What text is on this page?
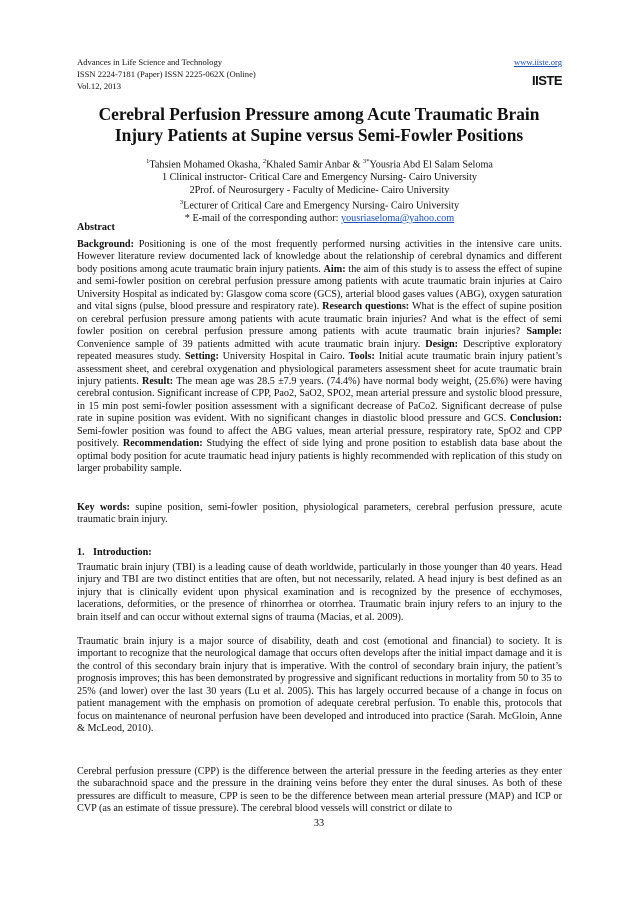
Advances in Life Science and Technology	www.iiste.org
ISSN 2224-7181 (Paper) ISSN 2225-062X (Online)
Vol.12, 2013	IISTE
Cerebral Perfusion Pressure among Acute Traumatic Brain
Injury Patients at Supine versus Semi-Fowler Positions
$^1$Tahsien Mohamed Okasha, $^2$Khaled Samir Anbar & $^{3*}$Yousria Abd El Salam Seloma
1 Clinical instructor- Critical Care and Emergency Nursing- Cairo University
2Prof. of Neurosurgery - Faculty of Medicine- Cairo University
$^3$Lecturer of Critical Care and Emergency Nursing- Cairo University
* E-mail of the corresponding author: yousriaseloma@yahoo.com
Abstract
Background: Positioning is one of the most frequently performed nursing activities in the intensive care units. However literature review documented lack of knowledge about the relationship of cerebral dynamics and different body positions among acute traumatic brain injury patients. Aim: the aim of this study is to assess the effect of supine and semi-fowler position on cerebral perfusion pressure among patients with acute traumatic brain injuries at Cairo University Hospital as indicated by: Glasgow coma score (GCS), arterial blood gases values (ABG), oxygen saturation and vital signs (pulse, blood pressure and respiratory rate). Research questions: What is the effect of supine position on cerebral perfusion pressure among patients with acute traumatic brain injuries? And what is the effect of semi fowler position on cerebral perfusion pressure among patients with acute traumatic brain injuries? Sample: Convenience sample of 39 patients admitted with acute traumatic brain injury. Design: Descriptive exploratory repeated measures study. Setting: University Hospital in Cairo. Tools: Initial acute traumatic brain injury patient’s assessment sheet, and cerebral oxygenation and physiological parameters assessment sheet for acute traumatic brain injury patients. Result: The mean age was 28.5 ±7.9 years. (74.4%) have normal body weight, (25.6%) were having cerebral contusion. Significant increase of CPP, Pao2, SaO2, SPO2, mean arterial pressure and systolic blood pressure, in 15 min post semi-fowler position assessment with a significant decrease of PaCo2. Significant decrease of pulse rate in supine position was evident. With no significant changes in diastolic blood pressure and GCS. Conclusion: Semi-fowler position was found to affect the ABG values, mean arterial pressure, respiratory rate, SpO2 and CPP positively. Recommendation: Studying the effect of side lying and prone position to establish data base about the optimal body position for acute traumatic head injury patients is highly recommended with replication of this study on larger probability sample.
Key words: supine position, semi-fowler position, physiological parameters, cerebral perfusion pressure, acute traumatic brain injury.
1. Introduction:
Traumatic brain injury (TBI) is a leading cause of death worldwide, particularly in those younger than 40 years. Head injury and TBI are two distinct entities that are often, but not necessarily, related. A head injury is best defined as an injury that is clinically evident upon physical examination and is recognized by the presence of ecchymoses, lacerations, deformities, or the presence of rhinorrhea or otorrhea. Traumatic brain injury refers to an injury to the brain itself and can occur without external signs of trauma (Macias, et al. 2009).
Traumatic brain injury is a major source of disability, death and cost (emotional and financial) to society. It is important to recognize that the neurological damage that occurs often develops after the initial impact damage and it is the control of this secondary brain injury that is imperative. With the control of secondary brain injury, the patient’s prognosis improves; this has been demonstrated by progressive and significant reductions in mortality from 50 to 35 to 25% (and lower) over the last 30 years (Lu et al. 2005). This has largely occurred because of a change in focus on patient management with the emphasis on promotion of adequate cerebral perfusion. To enable this, protocols that focus on maintenance of neuronal perfusion have been developed and introduced into practice (Sarah. McGloin, Anne & McLeod, 2010).
Cerebral perfusion pressure (CPP) is the difference between the arterial pressure in the feeding arteries as they enter the subarachnoid space and the pressure in the draining veins before they enter the dural sinuses. As both of these pressures are difficult to measure, CPP is seen to be the difference between mean arterial pressure (MAP) and ICP or CVP (as an estimate of tissue pressure). The cerebral blood vessels will constrict or dilate to
33
